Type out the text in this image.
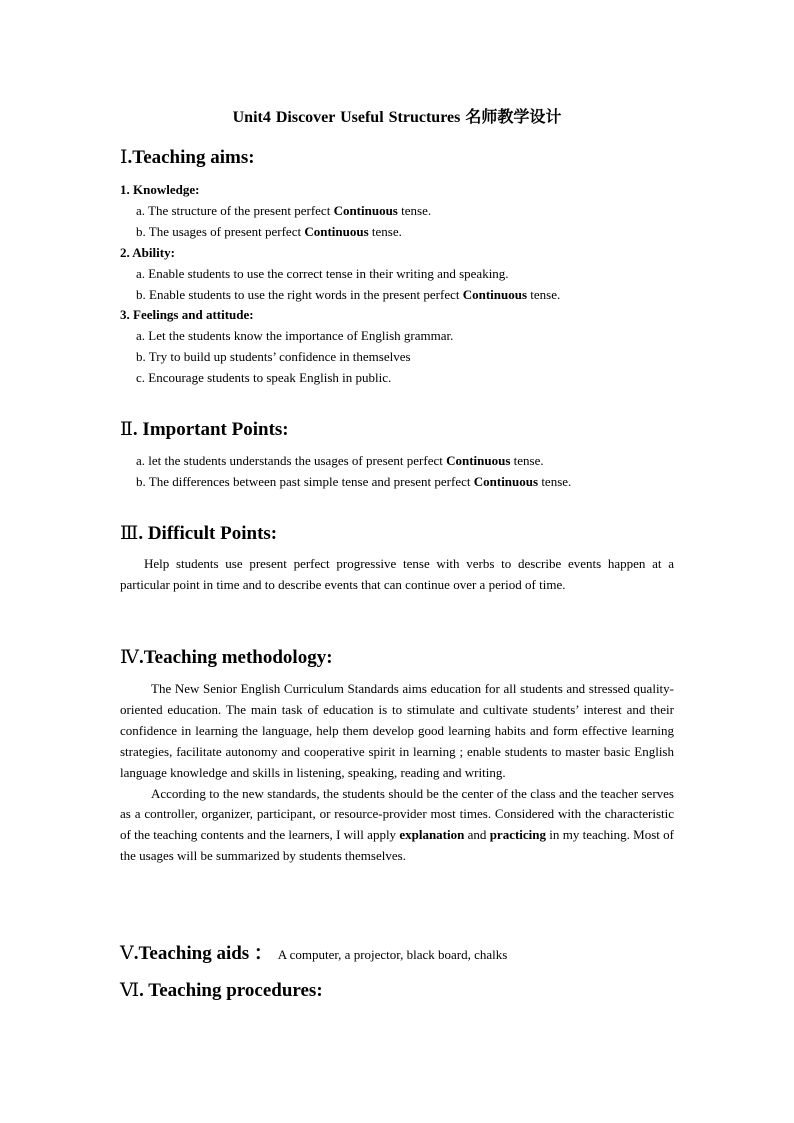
Unit4 Discover Useful Structures 名师教学设计
Ⅰ.Teaching aims:
1. Knowledge:
a. The structure of the present perfect Continuous tense.
b. The usages of present perfect Continuous tense.
2. Ability:
a. Enable students to use the correct tense in their writing and speaking.
b. Enable students to use the right words in the present perfect Continuous tense.
3. Feelings and attitude:
a. Let the students know the importance of English grammar.
b. Try to build up students’ confidence in themselves
c. Encourage students to speak English in public.
Ⅱ. Important Points:
a. let the students understands the usages of present perfect Continuous tense.
b. The differences between past simple tense and present perfect Continuous tense.
Ⅲ. Difficult Points:

Help students use present perfect progressive tense with verbs to describe events happen at a particular point in time and to describe events that can continue over a period of time.

Ⅳ.Teaching methodology:

The New Senior English Curriculum Standards aims education for all students and stressed quality-oriented education. The main task of education is to stimulate and cultivate students’ interest and their confidence in learning the language, help them develop good learning habits and form effective learning strategies, facilitate autonomy and cooperative spirit in learning ; enable students to master basic English language knowledge and skills in listening, speaking, reading and writing.

According to the new standards, the students should be the center of the class and the teacher serves as a controller, organizer, participant, or resource-provider most times. Considered with the characteristic of the teaching contents and the learners, I will apply explanation and practicing in my teaching. Most of the usages will be summarized by students themselves.

Ⅴ.Teaching aids ： A computer, a projector, black board, chalks
Ⅵ. Teaching procedures:
